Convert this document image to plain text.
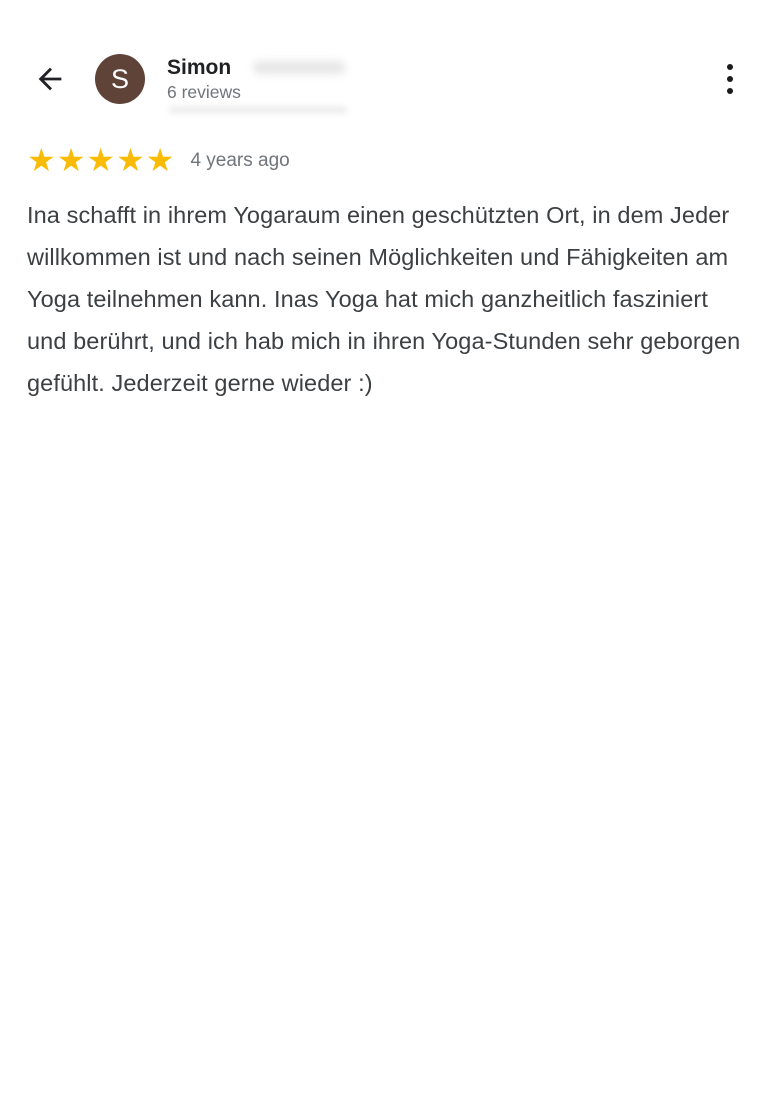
S Simon
6 reviews
★★★★★ 4 years ago
Ina schafft in ihrem Yogaraum einen geschützten Ort, in dem Jeder willkommen ist und nach seinen Möglichkeiten und Fähigkeiten am Yoga teilnehmen kann. Inas Yoga hat mich ganzheitlich fasziniert und berührt, und ich hab mich in ihren Yoga-Stunden sehr geborgen gefühlt. Jederzeit gerne wieder :)
